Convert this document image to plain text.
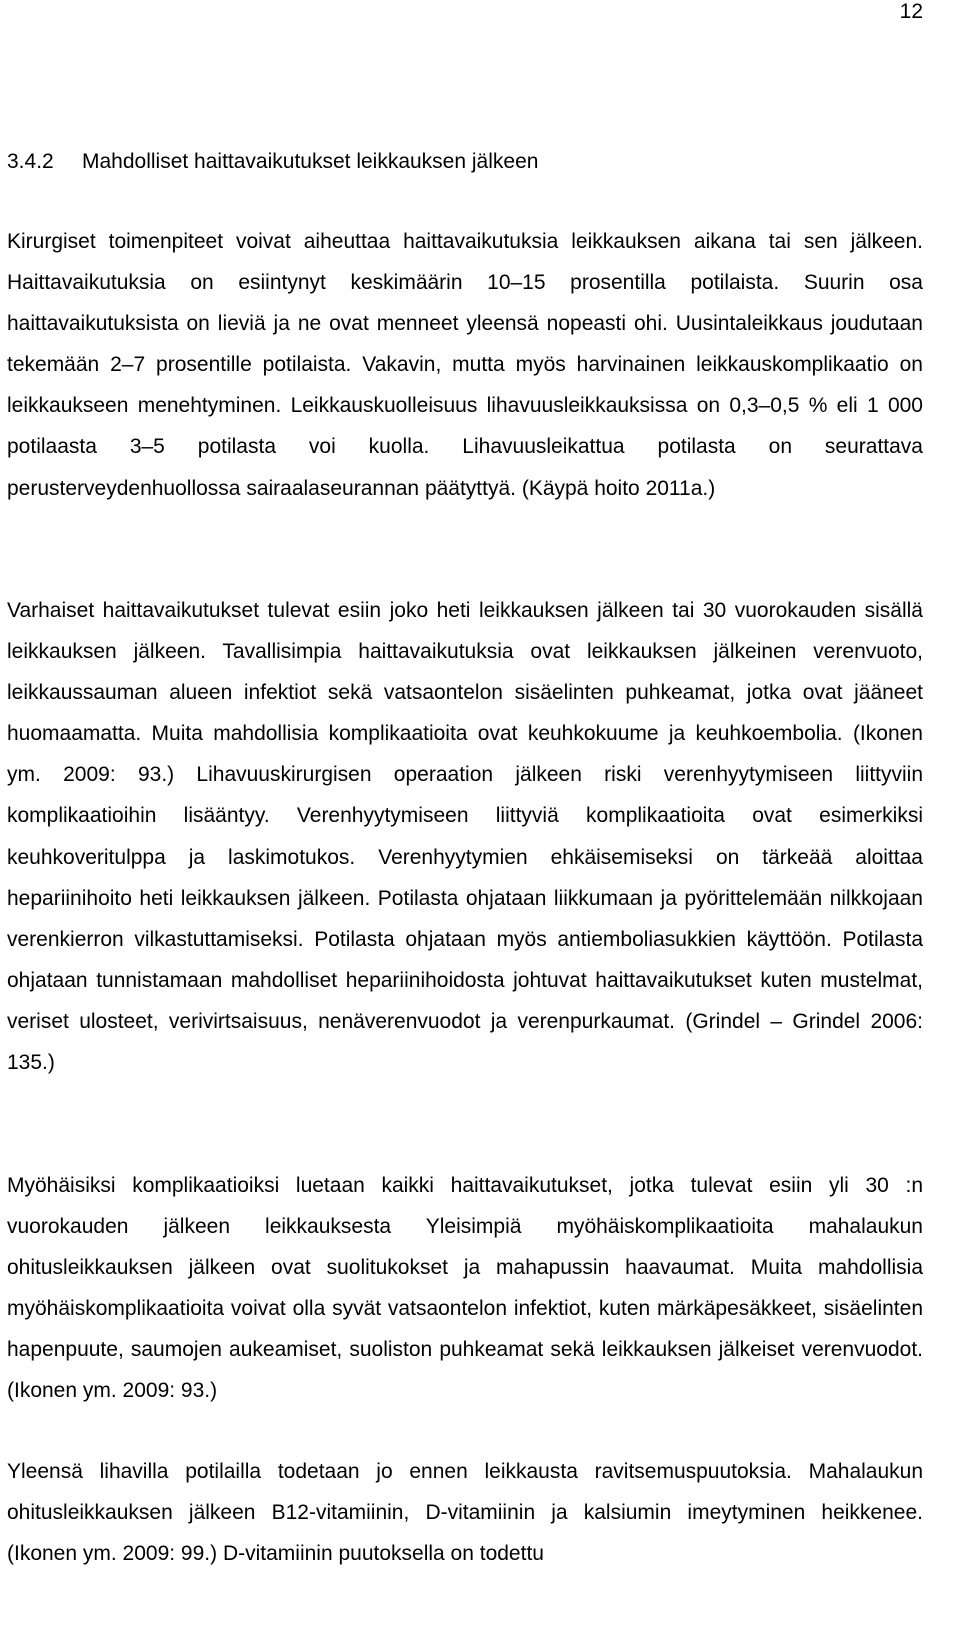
12
3.4.2 Mahdolliset haittavaikutukset leikkauksen jälkeen

Kirurgiset toimenpiteet voivat aiheuttaa haittavaikutuksia leikkauksen aikana tai sen jälkeen. Haittavaikutuksia on esiintynyt keskimäärin 10–15 prosentilla potilaista. Suurin osa haittavaikutuksista on lieviä ja ne ovat menneet yleensä nopeasti ohi. Uusintaleikkaus joudutaan tekemään 2–7 prosentille potilaista. Vakavin, mutta myös harvinainen leikkauskomplikaatio on leikkaukseen menehtyminen. Leikkauskuolleisuus lihavuusleikkauksissa on 0,3–0,5 % eli 1 000 potilaasta 3–5 potilasta voi kuolla. Lihavuusleikattua potilasta on seurattava perusterveydenhuollossa sairaalaseurannan päätyttyä. (Käypä hoito 2011a.)

Varhaiset haittavaikutukset tulevat esiin joko heti leikkauksen jälkeen tai 30 vuorokauden sisällä leikkauksen jälkeen. Tavallisimpia haittavaikutuksia ovat leikkauksen jälkeinen verenvuoto, leikkaussauman alueen infektiot sekä vatsaontelon sisäelinten puhkeamat, jotka ovat jääneet huomaamatta. Muita mahdollisia komplikaatioita ovat keuhkokuume ja keuhkoembolia. (Ikonen ym. 2009: 93.) Lihavuuskirurgisen operaation jälkeen riski verenhyytymiseen liittyviin komplikaatioihin lisääntyy. Verenhyytymiseen liittyviä komplikaatioita ovat esimerkiksi keuhkoveritulppa ja laskimotukos. Verenhyytymien ehkäisemiseksi on tärkeää aloittaa hepariinihoito heti leikkauksen jälkeen. Potilasta ohjataan liikkumaan ja pyörittelemään nilkkojaan verenkierron vilkastuttamiseksi. Potilasta ohjataan myös antiemboliasukkien käyttöön. Potilasta ohjataan tunnistamaan mahdolliset hepariinihoidosta johtuvat haittavaikutukset kuten mustelmat, veriset ulosteet, verivirtsaisuus, nenäverenvuodot ja verenpurkaumat. (Grindel – Grindel 2006: 135.)

Myöhäisiksi komplikaatioiksi luetaan kaikki haittavaikutukset, jotka tulevat esiin yli 30 :n vuorokauden jälkeen leikkauksesta Yleisimpiä myöhäiskomplikaatioita mahalaukun ohitusleikkauksen jälkeen ovat suolitukokset ja mahapussin haavaumat. Muita mahdollisia myöhäiskomplikaatioita voivat olla syvät vatsaontelon infektiot, kuten märkäpesäkkeet, sisäelinten hapenpuute, saumojen aukeamiset, suoliston puhkeamat sekä leikkauksen jälkeiset verenvuodot. (Ikonen ym. 2009: 93.)

Yleensä lihavilla potilailla todetaan jo ennen leikkausta ravitsemuspuutoksia. Mahalaukun ohitusleikkauksen jälkeen B12-vitamiinin, D-vitamiinin ja kalsiumin imeytyminen heikkenee. (Ikonen ym. 2009: 99.) D-vitamiinin puutoksella on todettu
